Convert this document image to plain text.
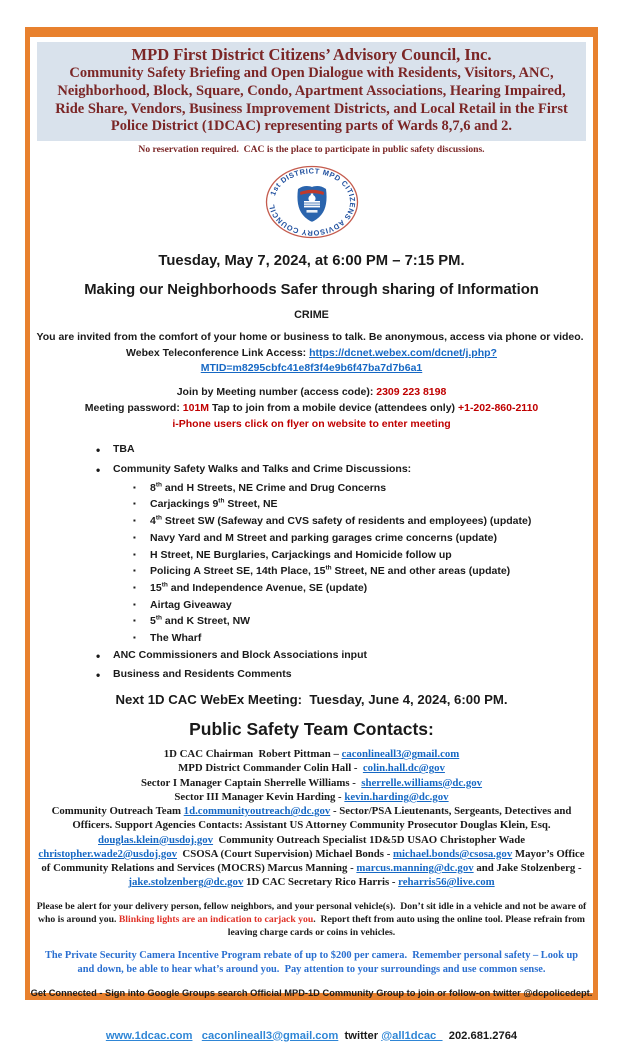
MPD First District Citizens’ Advisory Council, Inc.
Community Safety Briefing and Open Dialogue with Residents, Visitors, ANC, Neighborhood, Block, Square, Condo, Apartment Associations, Hearing Impaired, Ride Share, Vendors, Business Improvement Districts, and Local Retail in the First Police District (1DCAC) representing parts of Wards 8,7,6 and 2.
No reservation required.  CAC is the place to participate in public safety discussions.
1st DISTRICT MPD CITIZENS ADVISORY COUNCIL
Tuesday, May 7, 2024, at 6:00 PM – 7:15 PM.
Making our Neighborhoods Safer through sharing of Information
CRIME
You are invited from the comfort of your home or business to talk. Be anonymous, access via phone or video.  Webex Teleconference Link Access: https://dcnet.webex.com/dcnet/j.php?MTID=m8295cbfc41e8f3f4e9b6f47ba7d7b6a1
Join by Meeting number (access code): 2309 223 8198
Meeting password: 101M Tap to join from a mobile device (attendees only) +1-202-860-2110
i-Phone users click on flyer on website to enter meeting
•
TBA
•
Community Safety Walks and Talks and Crime Discussions:
▪
8th and H Streets, NE Crime and Drug Concerns
▪
Carjackings 9th Street, NE
▪
4th Street SW (Safeway and CVS safety of residents and employees) (update)
▪
Navy Yard and M Street and parking garages crime concerns (update)
▪
H Street, NE Burglaries, Carjackings and Homicide follow up
▪
Policing A Street SE, 14th Place, 15th Street, NE and other areas (update)
▪
15th and Independence Avenue, SE (update)
▪
Airtag Giveaway
▪
5th and K Street, NW
▪
The Wharf
•
ANC Commissioners and Block Associations input
•
Business and Residents Comments
Next 1D CAC WebEx Meeting:  Tuesday, June 4, 2024, 6:00 PM.
Public Safety Team Contacts:
1D CAC Chairman  Robert Pittman – caconlineall3@gmail.com
MPD District Commander Colin Hall -  colin.hall.dc@gov
Sector I Manager Captain Sherrelle Williams -  sherrelle.williams@dc.gov
Sector III Manager Kevin Harding - kevin.harding@dc.gov
Community Outreach Team 1d.communityoutreach@dc.gov - Sector/PSA Lieutenants, Sergeants, Detectives and Officers. Support Agencies Contacts: Assistant US Attorney Community Prosecutor Douglas Klein, Esq. douglas.klein@usdoj.gov  Community Outreach Specialist 1D&5D USAO Christopher Wade christopher.wade2@usdoj.gov  CSOSA (Court Supervision) Michael Bonds - michael.bonds@csosa.gov Mayor’s Office of Community Relations and Services (MOCRS) Marcus Manning - marcus.manning@dc.gov and Jake Stolzenberg - jake.stolzenberg@dc.gov 1D CAC Secretary Rico Harris - reharris56@live.com
Please be alert for your delivery person, fellow neighbors, and your personal vehicle(s).  Don’t sit idle in a vehicle and not be aware of who is around you. Blinking lights are an indication to carjack you.  Report theft from auto using the online tool. Please refrain from leaving charge cards or coins in vehicles.
The Private Security Camera Incentive Program rebate of up to $200 per camera.  Remember personal safety – Look up and down, be able to hear what’s around you.  Pay attention to your surroundings and use common sense.
Get Connected - Sign into Google Groups search Official MPD-1D Community Group to join or follow-on twitter @dcpolicedept.
www.1dcac.com caconlineall3@gmail.com  twitter @all1dcac_  202.681.2764
